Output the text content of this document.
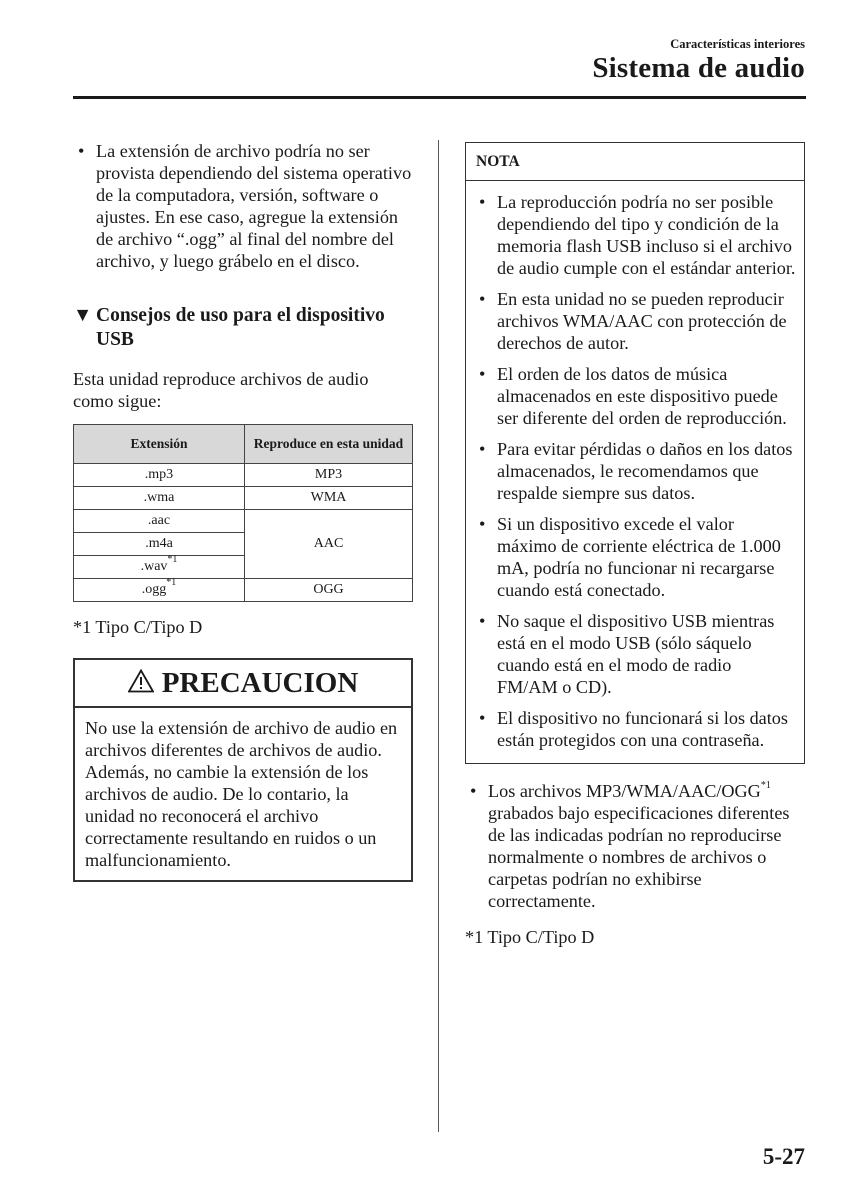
Características interiores
Sistema de audio
• La extensión de archivo podría no ser provista dependiendo del sistema operativo de la computadora, versión, software o ajustes. En ese caso, agregue la extensión de archivo “.ogg” al final del nombre del archivo, y luego grábelo en el disco.
▼ Consejos de uso para el dispositivo USB
Esta unidad reproduce archivos de audio como sigue:
Extensión	Reproduce en esta unidad
.mp3	MP3
.wma	WMA
.aac	AAC
.m4a	
.wav$^{*1}$
.ogg$^{*1}$	OGG
*1 Tipo C/Tipo D
PRECAUCION
No use la extensión de archivo de audio en archivos diferentes de archivos de audio. Además, no cambie la extensión de los archivos de audio. De lo contario, la unidad no reconocerá el archivo correctamente resultando en ruidos o un malfuncionamiento.
NOTA
• La reproducción podría no ser posible dependiendo del tipo y condición de la memoria flash USB incluso si el archivo de audio cumple con el estándar anterior.
• En esta unidad no se pueden reproducir archivos WMA/AAC con protección de derechos de autor.
• El orden de los datos de música almacenados en este dispositivo puede ser diferente del orden de reproducción.
• Para evitar pérdidas o daños en los datos almacenados, le recomendamos que respalde siempre sus datos.
• Si un dispositivo excede el valor máximo de corriente eléctrica de 1.000 mA, podría no funcionar ni recargarse cuando está conectado.
• No saque el dispositivo USB mientras está en el modo USB (sólo sáquelo cuando está en el modo de radio FM/AM o CD).
• El dispositivo no funcionará si los datos están protegidos con una contraseña.
• Los archivos MP3/WMA/AAC/OGG$^{*1}$ grabados bajo especificaciones diferentes de las indicadas podrían no reproducirse normalmente o nombres de archivos o carpetas podrían no exhibirse correctamente.
*1 Tipo C/Tipo D
5-27
